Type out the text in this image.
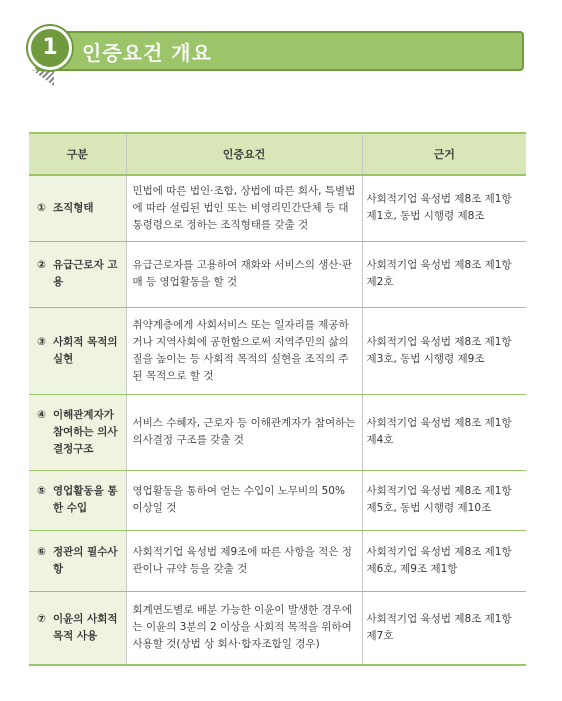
1	인증요건 개요
구분	인증요건	근거

① 조직형태	민법에 따른 법인·조합, 상법에 따른 회사, 특별법에 따라 설립된 법인 또는 비영리민간단체 등 대통령령으로 정하는 조직형태를 갖출 것	사회적기업 육성법 제8조 제1항 제1호, 동법 시행령 제8조

② 유급근로자 고용	유급근로자를 고용하여 재화와 서비스의 생산·판매 등 영업활동을 할 것	사회적기업 육성법 제8조 제1항 제2호

③ 사회적 목적의 실현	취약계층에게 사회서비스 또는 일자리를 제공하거나 지역사회에 공헌함으로써 지역주민의 삶의 질을 높이는 등 사회적 목적의 실현을 조직의 주된 목적으로 할 것	사회적기업 육성법 제8조 제1항 제3호, 동법 시행령 제9조

④ 이해관계자가 참여하는 의사 결정구조	서비스 수혜자, 근로자 등 이해관계자가 참여하는 의사결정 구조를 갖출 것	사회적기업 육성법 제8조 제1항 제4호

⑤ 영업활동을 통한 수입	영업활동을 통하여 얻는 수입이 노무비의 50% 이상일 것	사회적기업 육성법 제8조 제1항 제5호, 동법 시행령 제10조

⑥ 정관의 필수사항	사회적기업 육성법 제9조에 따른 사항을 적은 정관이나 규약 등을 갖출 것	사회적기업 육성법 제8조 제1항 제6호, 제9조 제1항

⑦ 이윤의 사회적 목적 사용	회계연도별로 배분 가능한 이윤이 발생한 경우에는 이윤의 3분의 2 이상을 사회적 목적을 위하여 사용할 것(상법 상 회사·합자조합일 경우)	사회적기업 육성법 제8조 제1항 제7호
